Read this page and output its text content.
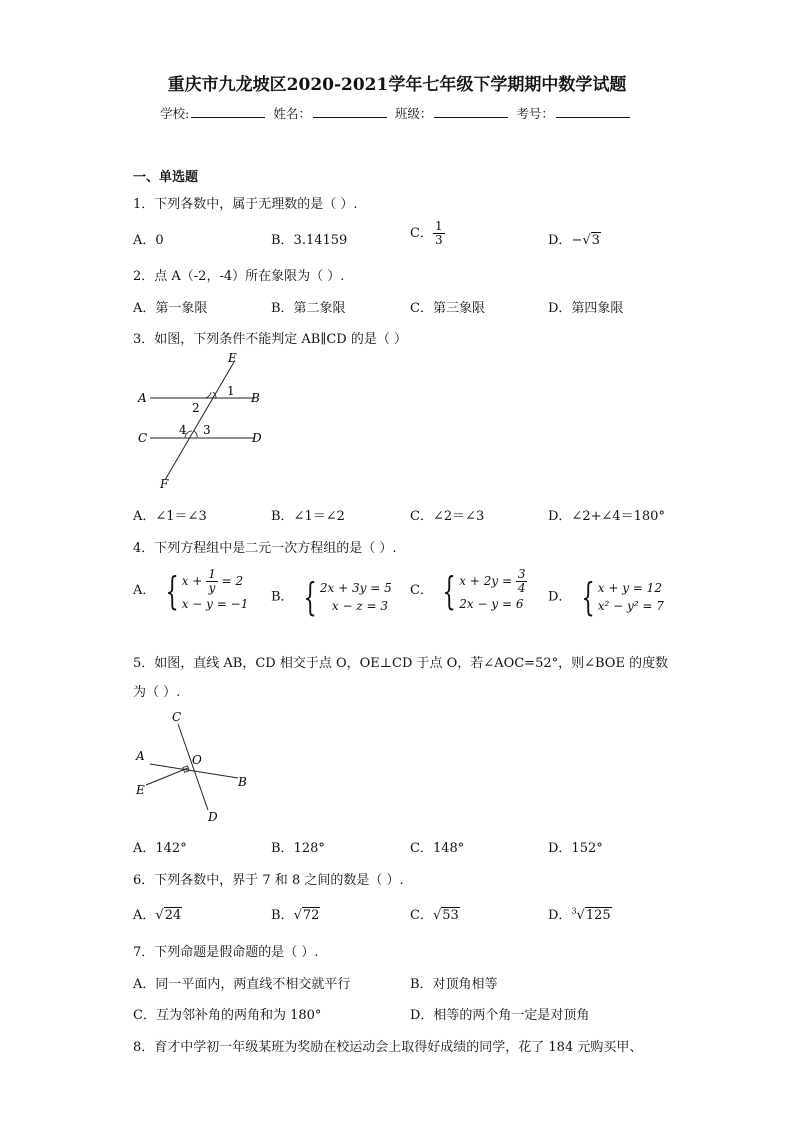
重庆市九龙坡区2020-2021学年七年级下学期期中数学试题
学校:	姓名：	班级：	考号：
一、单选题
1．下列各数中，属于无理数的是（ ）.
A．0	B．3.14159	C． $\frac{1}{3}$	D．−√3
2．点 A（-2，-4）所在象限为（ ）.
A．第一象限	B．第二象限	C．第三象限	D．第四象限
3．如图，下列条件不能判定 AB∥CD 的是（ ）
E
A	B
C	D
F
1
2
3
4
A．∠1＝∠3	B．∠1＝∠2	C．∠2＝∠3	D．∠2+∠4＝180°
4．下列方程组中是二元一次方程组的是（ ）.
A． { $x + \frac{1}{y} = 2$
x − y = −1 B． { 2x + 3y = 5
x − z = 3
C． { $x + 2y = \frac{3}{4}$
2x − y = 6	D． { x + y = 12
x² − y² = 7
5．如图，直线 AB，CD 相交于点 O，OE⊥CD 于点 O，若∠AOC=52°，则∠BOE 的度数
为（ ）.
C
A	O
E
B
D
A．142°	B．128°	C．148°	D．152°
6．下列各数中，界于 7 和 8 之间的数是（ ）.
A．√24	B．√72	C．√53	D．$^3$√125
7．下列命题是假命题的是（ ）.
A．同一平面内，两直线不相交就平行	B．对顶角相等
C．互为邻补角的两角和为 180°	D．相等的两个角一定是对顶角
8．育才中学初一年级某班为奖励在校运动会上取得好成绩的同学，花了 184 元购买甲、
